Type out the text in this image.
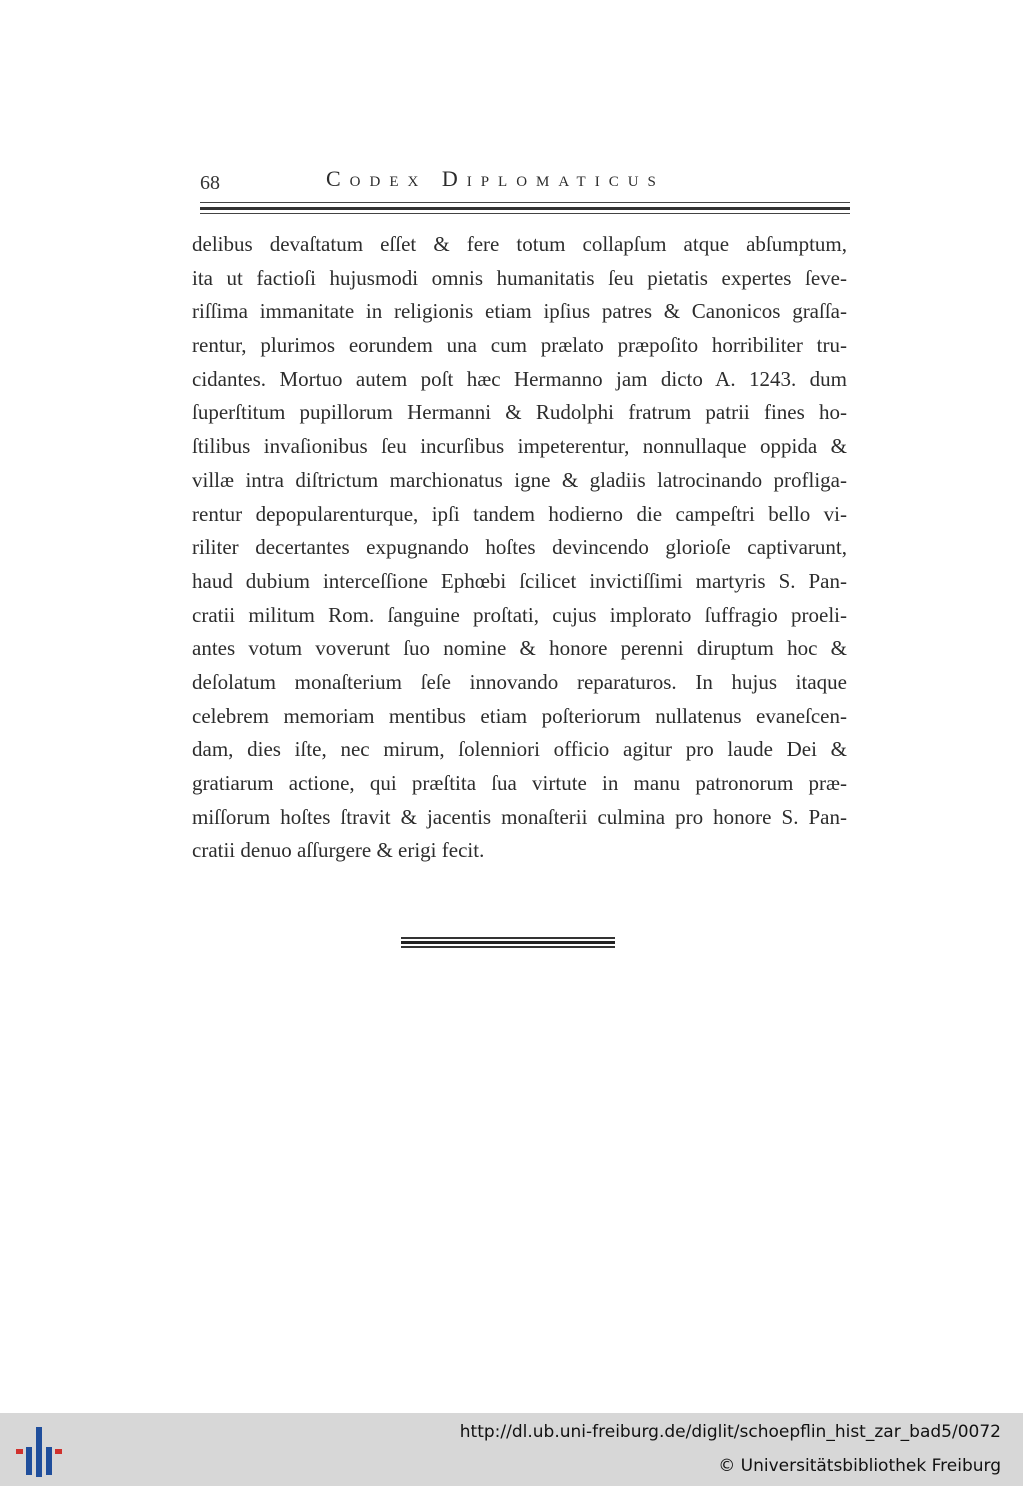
68	Codex Diplomaticus
delibus devaſtatum eſſet & fere totum collapſum atque abſumptum,
ita ut factioſi hujusmodi omnis humanitatis ſeu pietatis expertes ſeve-
riſſima immanitate in religionis etiam ipſius patres & Canonicos graſſa-
rentur, plurimos eorundem una cum prælato præpoſito horribiliter tru-
cidantes. Mortuo autem poſt hæc Hermanno jam dicto A. 1243. dum
ſuperſtitum pupillorum Hermanni & Rudolphi fratrum patrii fines ho-
ſtilibus invaſionibus ſeu incurſibus impeterentur, nonnullaque oppida &
villæ intra diſtrictum marchionatus igne & gladiis latrocinando profliga-
rentur depopularenturque, ipſi tandem hodierno die campeſtri bello vi-
riliter decertantes expugnando hoſtes devincendo glorioſe captivarunt,
haud dubium interceſſione Ephœbi ſcilicet invictiſſimi martyris S. Pan-
cratii militum Rom. ſanguine proſtati, cujus implorato ſuffragio proeli-
antes votum voverunt ſuo nomine & honore perenni diruptum hoc &
deſolatum monaſterium ſeſe innovando reparaturos. In hujus itaque
celebrem memoriam mentibus etiam poſteriorum nullatenus evaneſcen-
dam, dies iſte, nec mirum, ſolenniori officio agitur pro laude Dei &
gratiarum actione, qui præſtita ſua virtute in manu patronorum præ-
miſſorum hoſtes ſtravit & jacentis monaſterii culmina pro honore S. Pan-
cratii denuo aſſurgere & erigi fecit.
http://dl.ub.uni-freiburg.de/diglit/schoepflin_hist_zar_bad5/0072
© Universitätsbibliothek Freiburg
